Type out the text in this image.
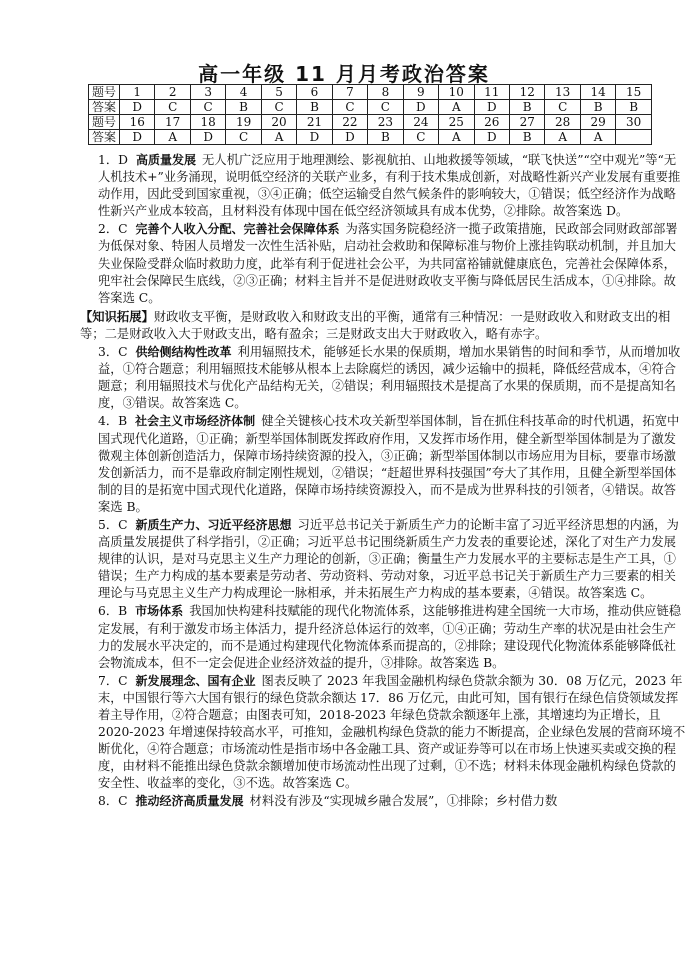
高一年级 11 月月考政治答案
题号	1	2	3	4	5	6	7	8	9	10	11	12	13	14	15
答案	D	C	C	B	C	B	C	C	D	A	D	B	C	B	B
题号	16	17	18	19	20	21	22	23	24	25	26	27	28	29	30
答案	D	A	D	C	A	D	D	B	C	A	D	B	A	A	

1．D 高质量发展 无人机广泛应用于地理测绘、影视航拍、山地救援等领域，“联飞快送”“空中观光”等“无人机技术+”业务涌现，说明低空经济的关联产业多，有利于技术集成创新，对战略性新兴产业发展有重要推动作用，因此受到国家重视，③④正确；低空运输受自然气候条件的影响较大，①错误；低空经济作为战略性新兴产业成本较高，且材料没有体现中国在低空经济领域具有成本优势，②排除。故答案选 D。

2．C 完善个人收入分配、完善社会保障体系 为落实国务院稳经济一揽子政策措施，民政部会同财政部部署为低保对象、特困人员增发一次性生活补贴，启动社会救助和保障标准与物价上涨挂钩联动机制，并且加大失业保险受群众临时救助力度，此举有利于促进社会公平，为共同富裕铺就健康底色，完善社会保障体系，兜牢社会保障民生底线，②③正确；材料主旨并不是促进财政收支平衡与降低居民生活成本，①④排除。故答案选 C。

【知识拓展】财政收支平衡，是财政收入和财政支出的平衡，通常有三种情况：一是财政收入和财政支出的相等；二是财政收入大于财政支出，略有盈余；三是财政支出大于财政收入，略有赤字。

3．C 供给侧结构性改革 利用辐照技术，能够延长水果的保质期，增加水果销售的时间和季节，从而增加收益，①符合题意；利用辐照技术能够从根本上去除腐烂的诱因，减少运输中的损耗，降低经营成本，④符合题意；利用辐照技术与优化产品结构无关，②错误；利用辐照技术是提高了水果的保质期，而不是提高知名度，③错误。故答案选 C。

4．B 社会主义市场经济体制 健全关键核心技术攻关新型举国体制，旨在抓住科技革命的时代机遇，拓宽中国式现代化道路，①正确；新型举国体制既发挥政府作用，又发挥市场作用，健全新型举国体制是为了激发微观主体创新创造活力，保障市场持续资源的投入，③正确；新型举国体制以市场应用为目标，要靠市场激发创新活力，而不是靠政府制定刚性规划，②错误；“赶超世界科技强国”夸大了其作用，且健全新型举国体制的目的是拓宽中国式现代化道路，保障市场持续资源投入，而不是成为世界科技的引领者，④错误。故答案选 B。

5．C 新质生产力、习近平经济思想 习近平总书记关于新质生产力的论断丰富了习近平经济思想的内涵，为高质量发展提供了科学指引，②正确；习近平总书记围绕新质生产力发表的重要论述，深化了对生产力发展规律的认识，是对马克思主义生产力理论的创新，③正确；衡量生产力发展水平的主要标志是生产工具，①错误；生产力构成的基本要素是劳动者、劳动资料、劳动对象，习近平总书记关于新质生产力三要素的相关理论与马克思主义生产力构成理论一脉相承，并未拓展生产力构成的基本要素，④错误。故答案选 C。

6．B 市场体系 我国加快构建科技赋能的现代化物流体系，这能够推进构建全国统一大市场，推动供应链稳定发展，有利于激发市场主体活力，提升经济总体运行的效率，①④正确；劳动生产率的状况是由社会生产力的发展水平决定的，而不是通过构建现代化物流体系而提高的，②排除；建设现代化物流体系能够降低社会物流成本，但不一定会促进企业经济效益的提升，③排除。故答案选 B。

7．C 新发展理念、国有企业 图表反映了 2023 年我国金融机构绿色贷款余额为 30．08 万亿元，2023 年末，中国银行等六大国有银行的绿色贷款余额达 17．86 万亿元，由此可知，国有银行在绿色信贷领域发挥着主导作用，②符合题意；由图表可知，2018-2023 年绿色贷款余额逐年上涨，其增速均为正增长，且 2020-2023 年增速保持较高水平，可推知，金融机构绿色贷款的能力不断提高，企业绿色发展的营商环境不断优化，④符合题意；市场流动性是指市场中各金融工具、资产或证券等可以在市场上快速买卖或交换的程度，由材料不能推出绿色贷款余额增加使市场流动性出现了过剩，①不选；材料未体现金融机构绿色贷款的安全性、收益率的变化，③不选。故答案选 C。

8．C 推动经济高质量发展 材料没有涉及“实现城乡融合发展”，①排除；乡村借力数
